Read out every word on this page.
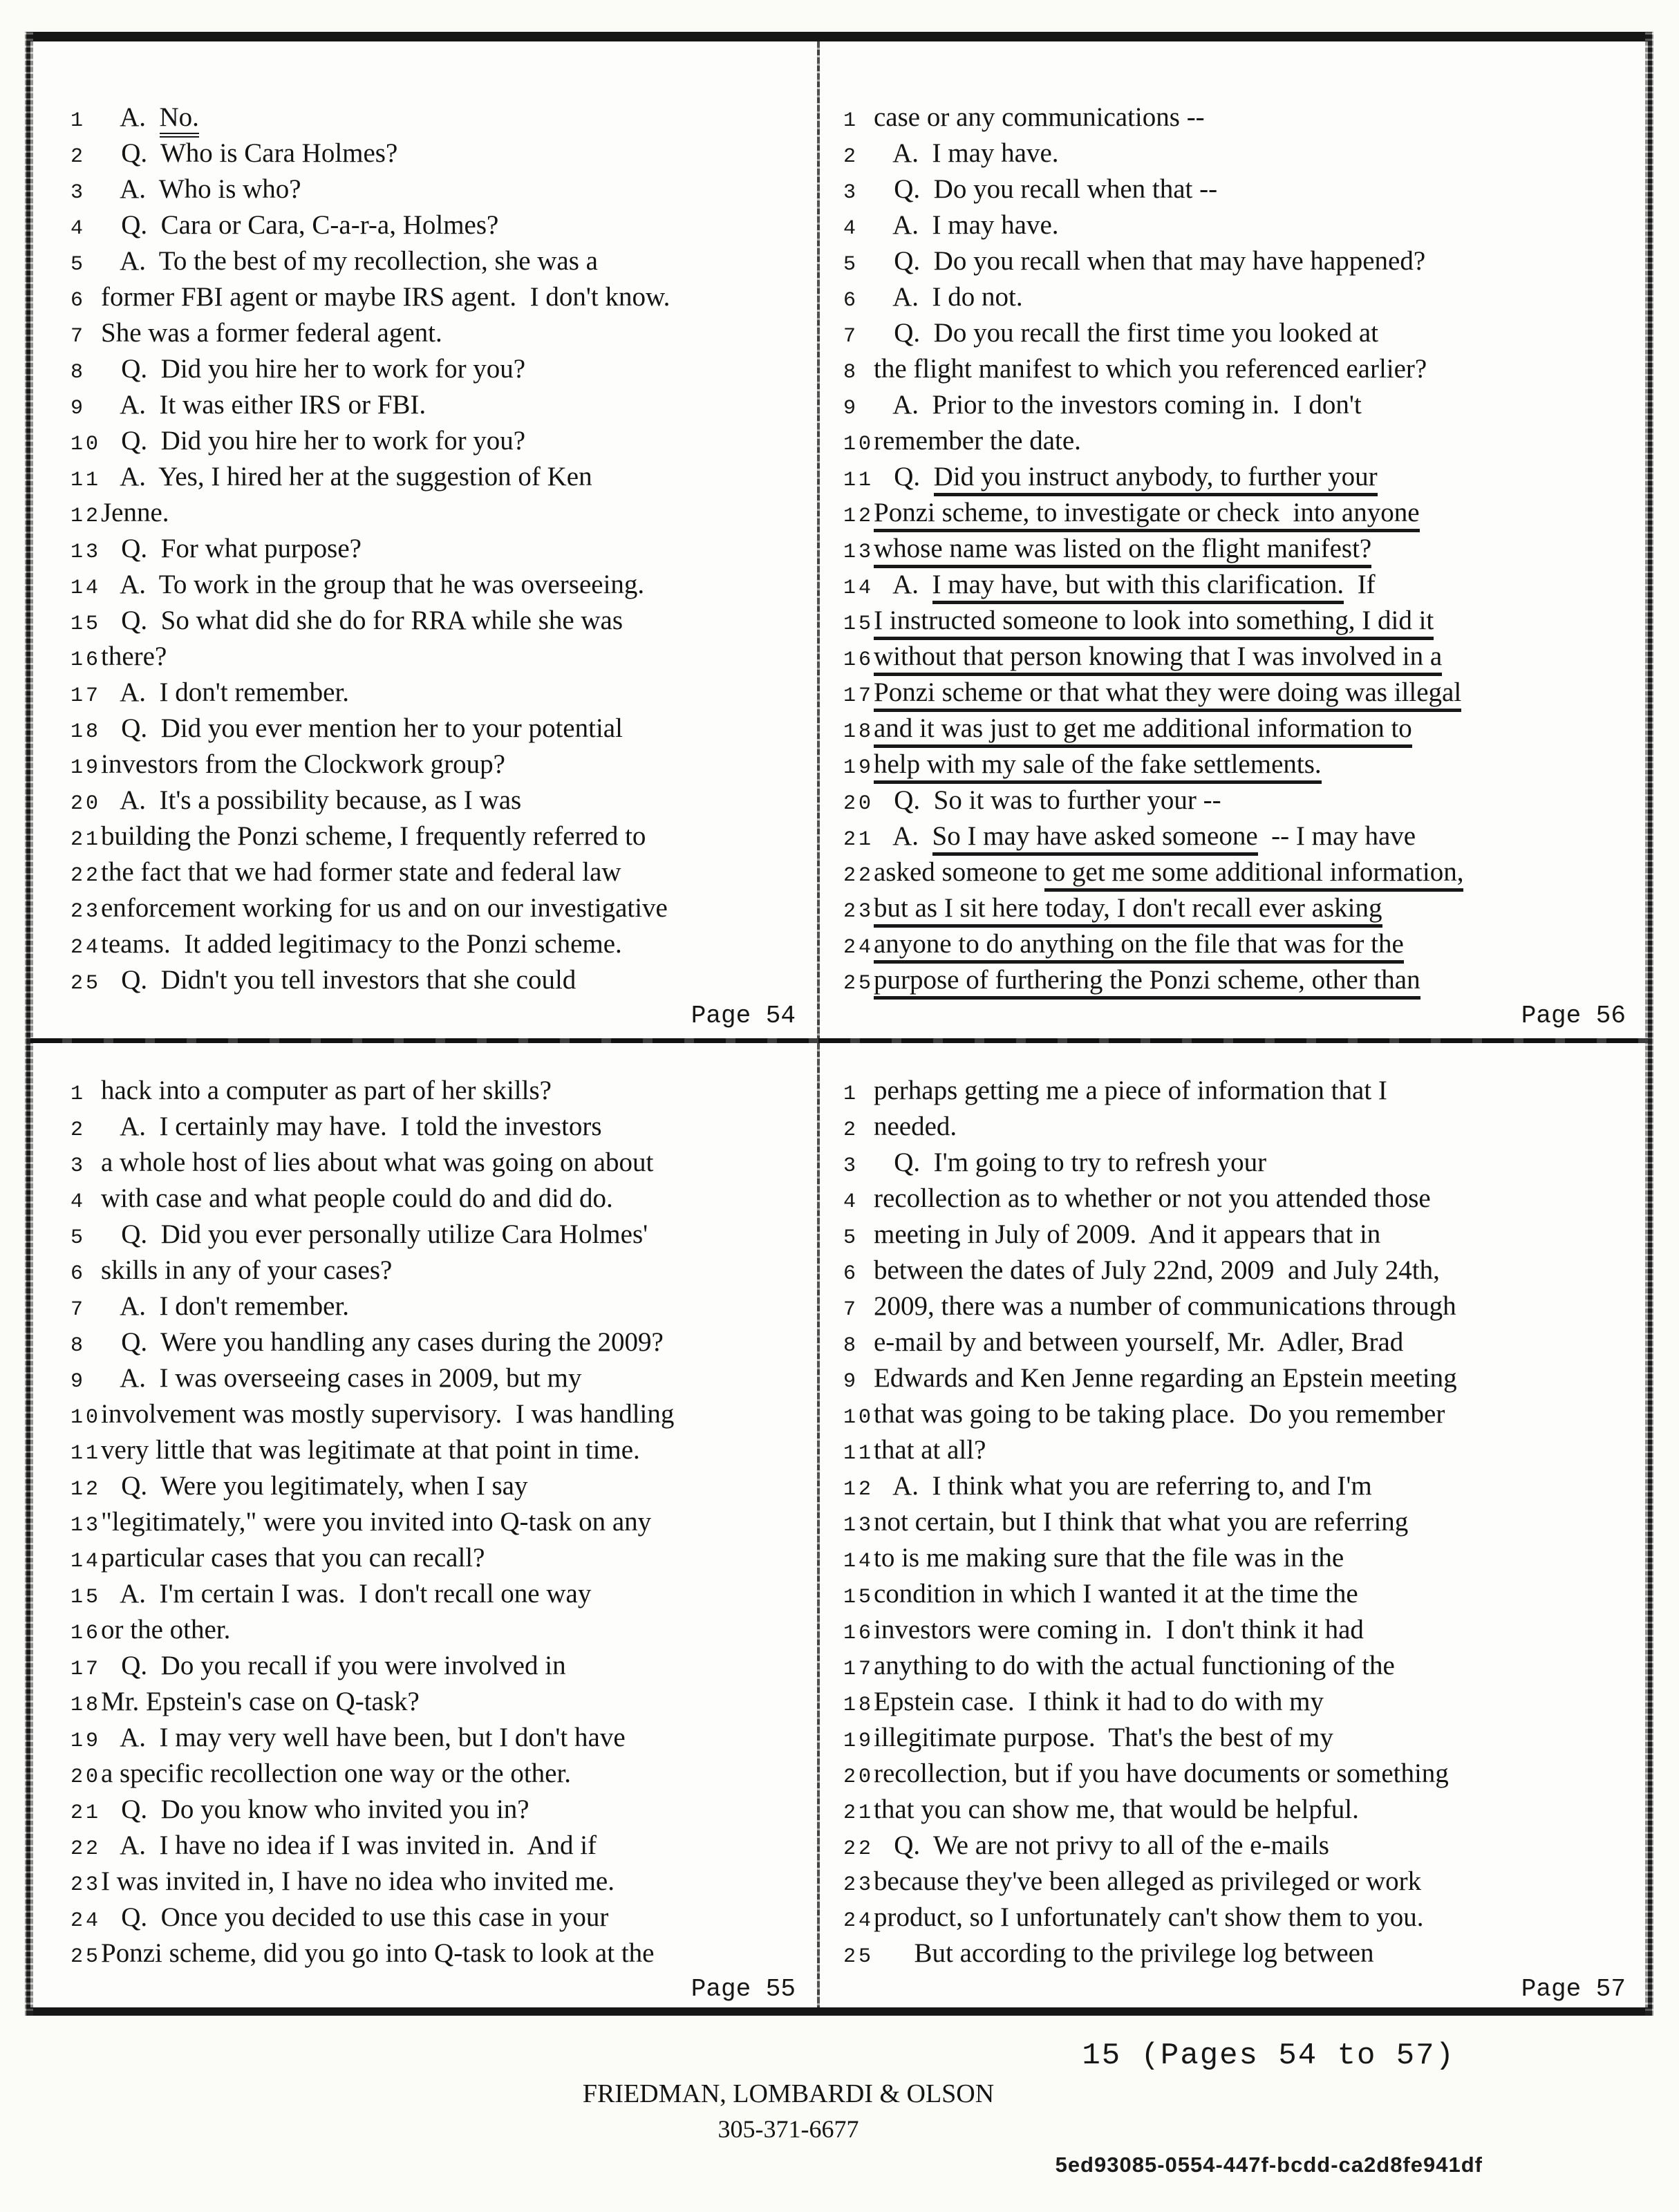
1 A.  No.
2 Q.  Who is Cara Holmes?
3 A.  Who is who?
4 Q.  Cara or Cara, C-a-r-a, Holmes?
5 A.  To the best of my recollection, she was a
6 former FBI agent or maybe IRS agent.  I don't know.
7 She was a former federal agent.
8 Q.  Did you hire her to work for you?
9 A.  It was either IRS or FBI.
10 Q.  Did you hire her to work for you?
11 A.  Yes, I hired her at the suggestion of Ken
12 Jenne.
13 Q.  For what purpose?
14 A.  To work in the group that he was overseeing.
15 Q.  So what did she do for RRA while she was
16 there?
17 A.  I don't remember.
18 Q.  Did you ever mention her to your potential
19 investors from the Clockwork group?
20 A.  It's a possibility because, as I was
21 building the Ponzi scheme, I frequently referred to
22 the fact that we had former state and federal law
23 enforcement working for us and on our investigative
24 teams.  It added legitimacy to the Ponzi scheme.
25 Q.  Didn't you tell investors that she could
Page 54
1 case or any communications --
2 A.  I may have.
3 Q.  Do you recall when that --
4 A.  I may have.
5 Q.  Do you recall when that may have happened?
6 A.  I do not.
7 Q.  Do you recall the first time you looked at
8 the flight manifest to which you referenced earlier?
9 A.  Prior to the investors coming in.  I don't
10 remember the date.
11 Q.  Did you instruct anybody, to further your
12 Ponzi scheme, to investigate or check  into anyone
13 whose name was listed on the flight manifest?
14 A.  I may have, but with this clarification.  If
15 I instructed someone to look into something, I did it
16 without that person knowing that I was involved in a
17 Ponzi scheme or that what they were doing was illegal
18 and it was just to get me additional information to
19 help with my sale of the fake settlements.
20 Q.  So it was to further your --
21 A.  So I may have asked someone  -- I may have
22 asked someone to get me some additional information,
23 but as I sit here today, I don't recall ever asking
24 anyone to do anything on the file that was for the
25 purpose of furthering the Ponzi scheme, other than
Page 56
1 hack into a computer as part of her skills?
2 A.  I certainly may have.  I told the investors
3 a whole host of lies about what was going on about
4 with case and what people could do and did do.
5 Q.  Did you ever personally utilize Cara Holmes'
6 skills in any of your cases?
7 A.  I don't remember.
8 Q.  Were you handling any cases during the 2009?
9 A.  I was overseeing cases in 2009, but my
10 involvement was mostly supervisory.  I was handling
11 very little that was legitimate at that point in time.
12 Q.  Were you legitimately, when I say
13 "legitimately," were you invited into Q-task on any
14 particular cases that you can recall?
15 A.  I'm certain I was.  I don't recall one way
16 or the other.
17 Q.  Do you recall if you were involved in
18 Mr. Epstein's case on Q-task?
19 A.  I may very well have been, but I don't have
20 a specific recollection one way or the other.
21 Q.  Do you know who invited you in?
22 A.  I have no idea if I was invited in.  And if
23 I was invited in, I have no idea who invited me.
24 Q.  Once you decided to use this case in your
25 Ponzi scheme, did you go into Q-task to look at the
Page 55
1 perhaps getting me a piece of information that I
2 needed.
3 Q.  I'm going to try to refresh your
4 recollection as to whether or not you attended those
5 meeting in July of 2009.  And it appears that in
6 between the dates of July 22nd, 2009  and July 24th,
7 2009, there was a number of communications through
8 e-mail by and between yourself, Mr.  Adler, Brad
9 Edwards and Ken Jenne regarding an Epstein meeting
10 that was going to be taking place.  Do you remember
11 that at all?
12 A.  I think what you are referring to, and I'm
13 not certain, but I think that what you are referring
14 to is me making sure that the file was in the
15 condition in which I wanted it at the time the
16 investors were coming in.  I don't think it had
17 anything to do with the actual functioning of the
18 Epstein case.  I think it had to do with my
19 illegitimate purpose.  That's the best of my
20 recollection, but if you have documents or something
21 that you can show me, that would be helpful.
22 Q.  We are not privy to all of the e-mails
23 because they've been alleged as privileged or work
24 product, so I unfortunately can't show them to you.
25 But according to the privilege log between
Page 57
15 (Pages 54 to 57)
FRIEDMAN, LOMBARDI & OLSON
305-371-6677
5ed93085-0554-447f-bcdd-ca2d8fe941df
